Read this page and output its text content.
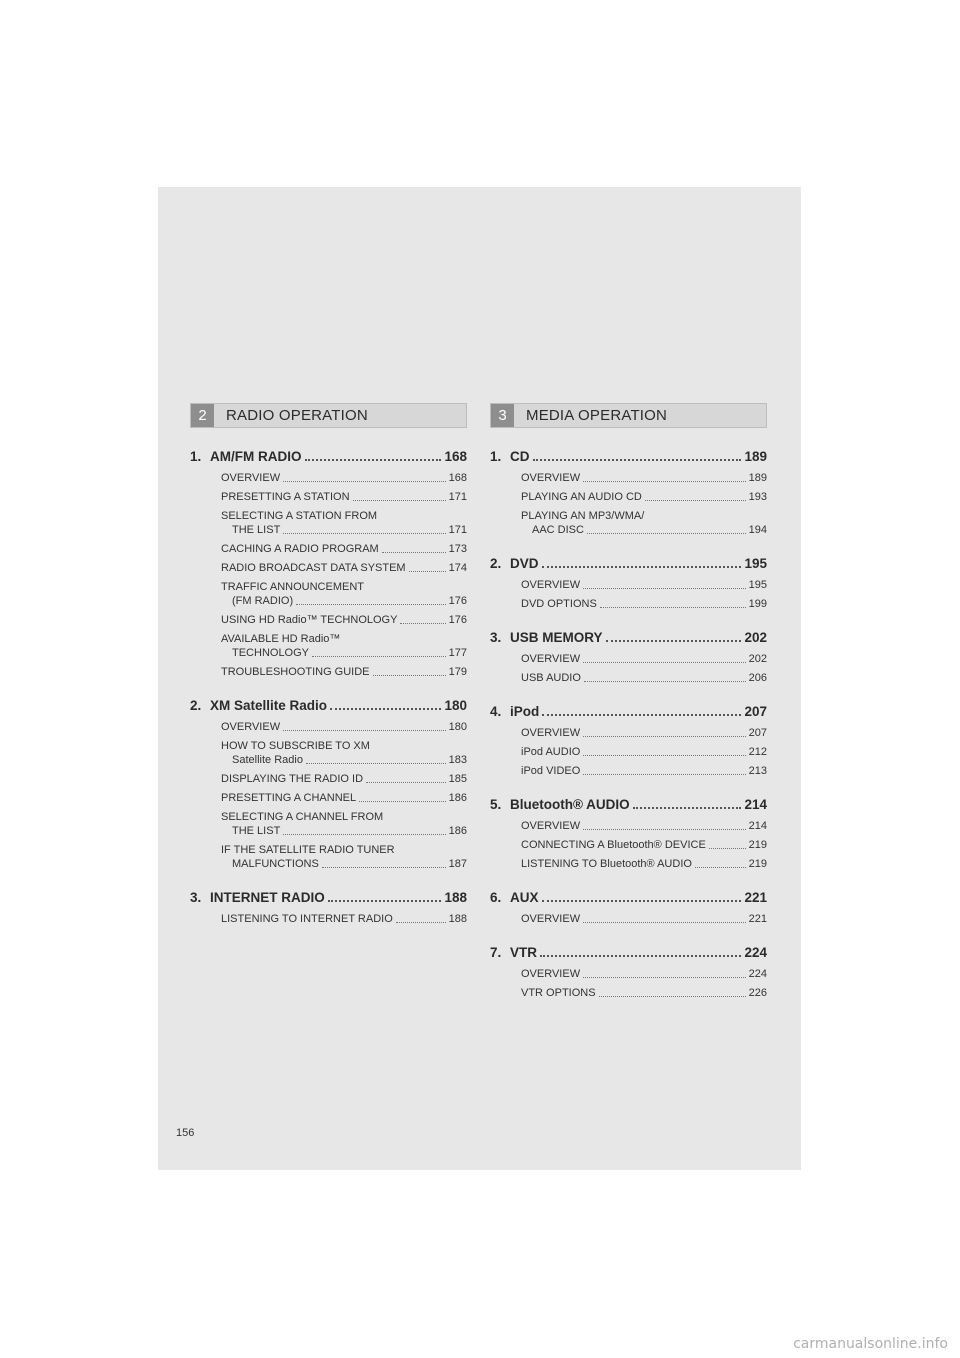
2	RADIO OPERATION
1. AM/FM RADIO	168
OVERVIEW	168
PRESETTING A STATION	171
SELECTING A STATION FROM
THE LIST	171
CACHING A RADIO PROGRAM	173
RADIO BROADCAST DATA SYSTEM	174
TRAFFIC ANNOUNCEMENT
(FM RADIO)	176
USING HD Radio™ TECHNOLOGY	176
AVAILABLE HD Radio™
TECHNOLOGY	177
TROUBLESHOOTING GUIDE	179
2. XM Satellite Radio	180
OVERVIEW	180
HOW TO SUBSCRIBE TO XM
Satellite Radio	183
DISPLAYING THE RADIO ID	185
PRESETTING A CHANNEL	186
SELECTING A CHANNEL FROM
THE LIST	186
IF THE SATELLITE RADIO TUNER
MALFUNCTIONS	187
3. INTERNET RADIO	188
LISTENING TO INTERNET RADIO	188
3	MEDIA OPERATION
1. CD	189
OVERVIEW	189
PLAYING AN AUDIO CD	193
PLAYING AN MP3/WMA/
AAC DISC	194
2. DVD	195
OVERVIEW	195
DVD OPTIONS	199
3. USB MEMORY	202
OVERVIEW	202
USB AUDIO	206
4. iPod	207
OVERVIEW	207
iPod AUDIO	212
iPod VIDEO	213
5. Bluetooth® AUDIO	214
OVERVIEW	214
CONNECTING A Bluetooth® DEVICE	219
LISTENING TO Bluetooth® AUDIO	219
6. AUX	221
OVERVIEW	221
7. VTR	224
OVERVIEW	224
VTR OPTIONS	226
156
carmanualsonline.info
